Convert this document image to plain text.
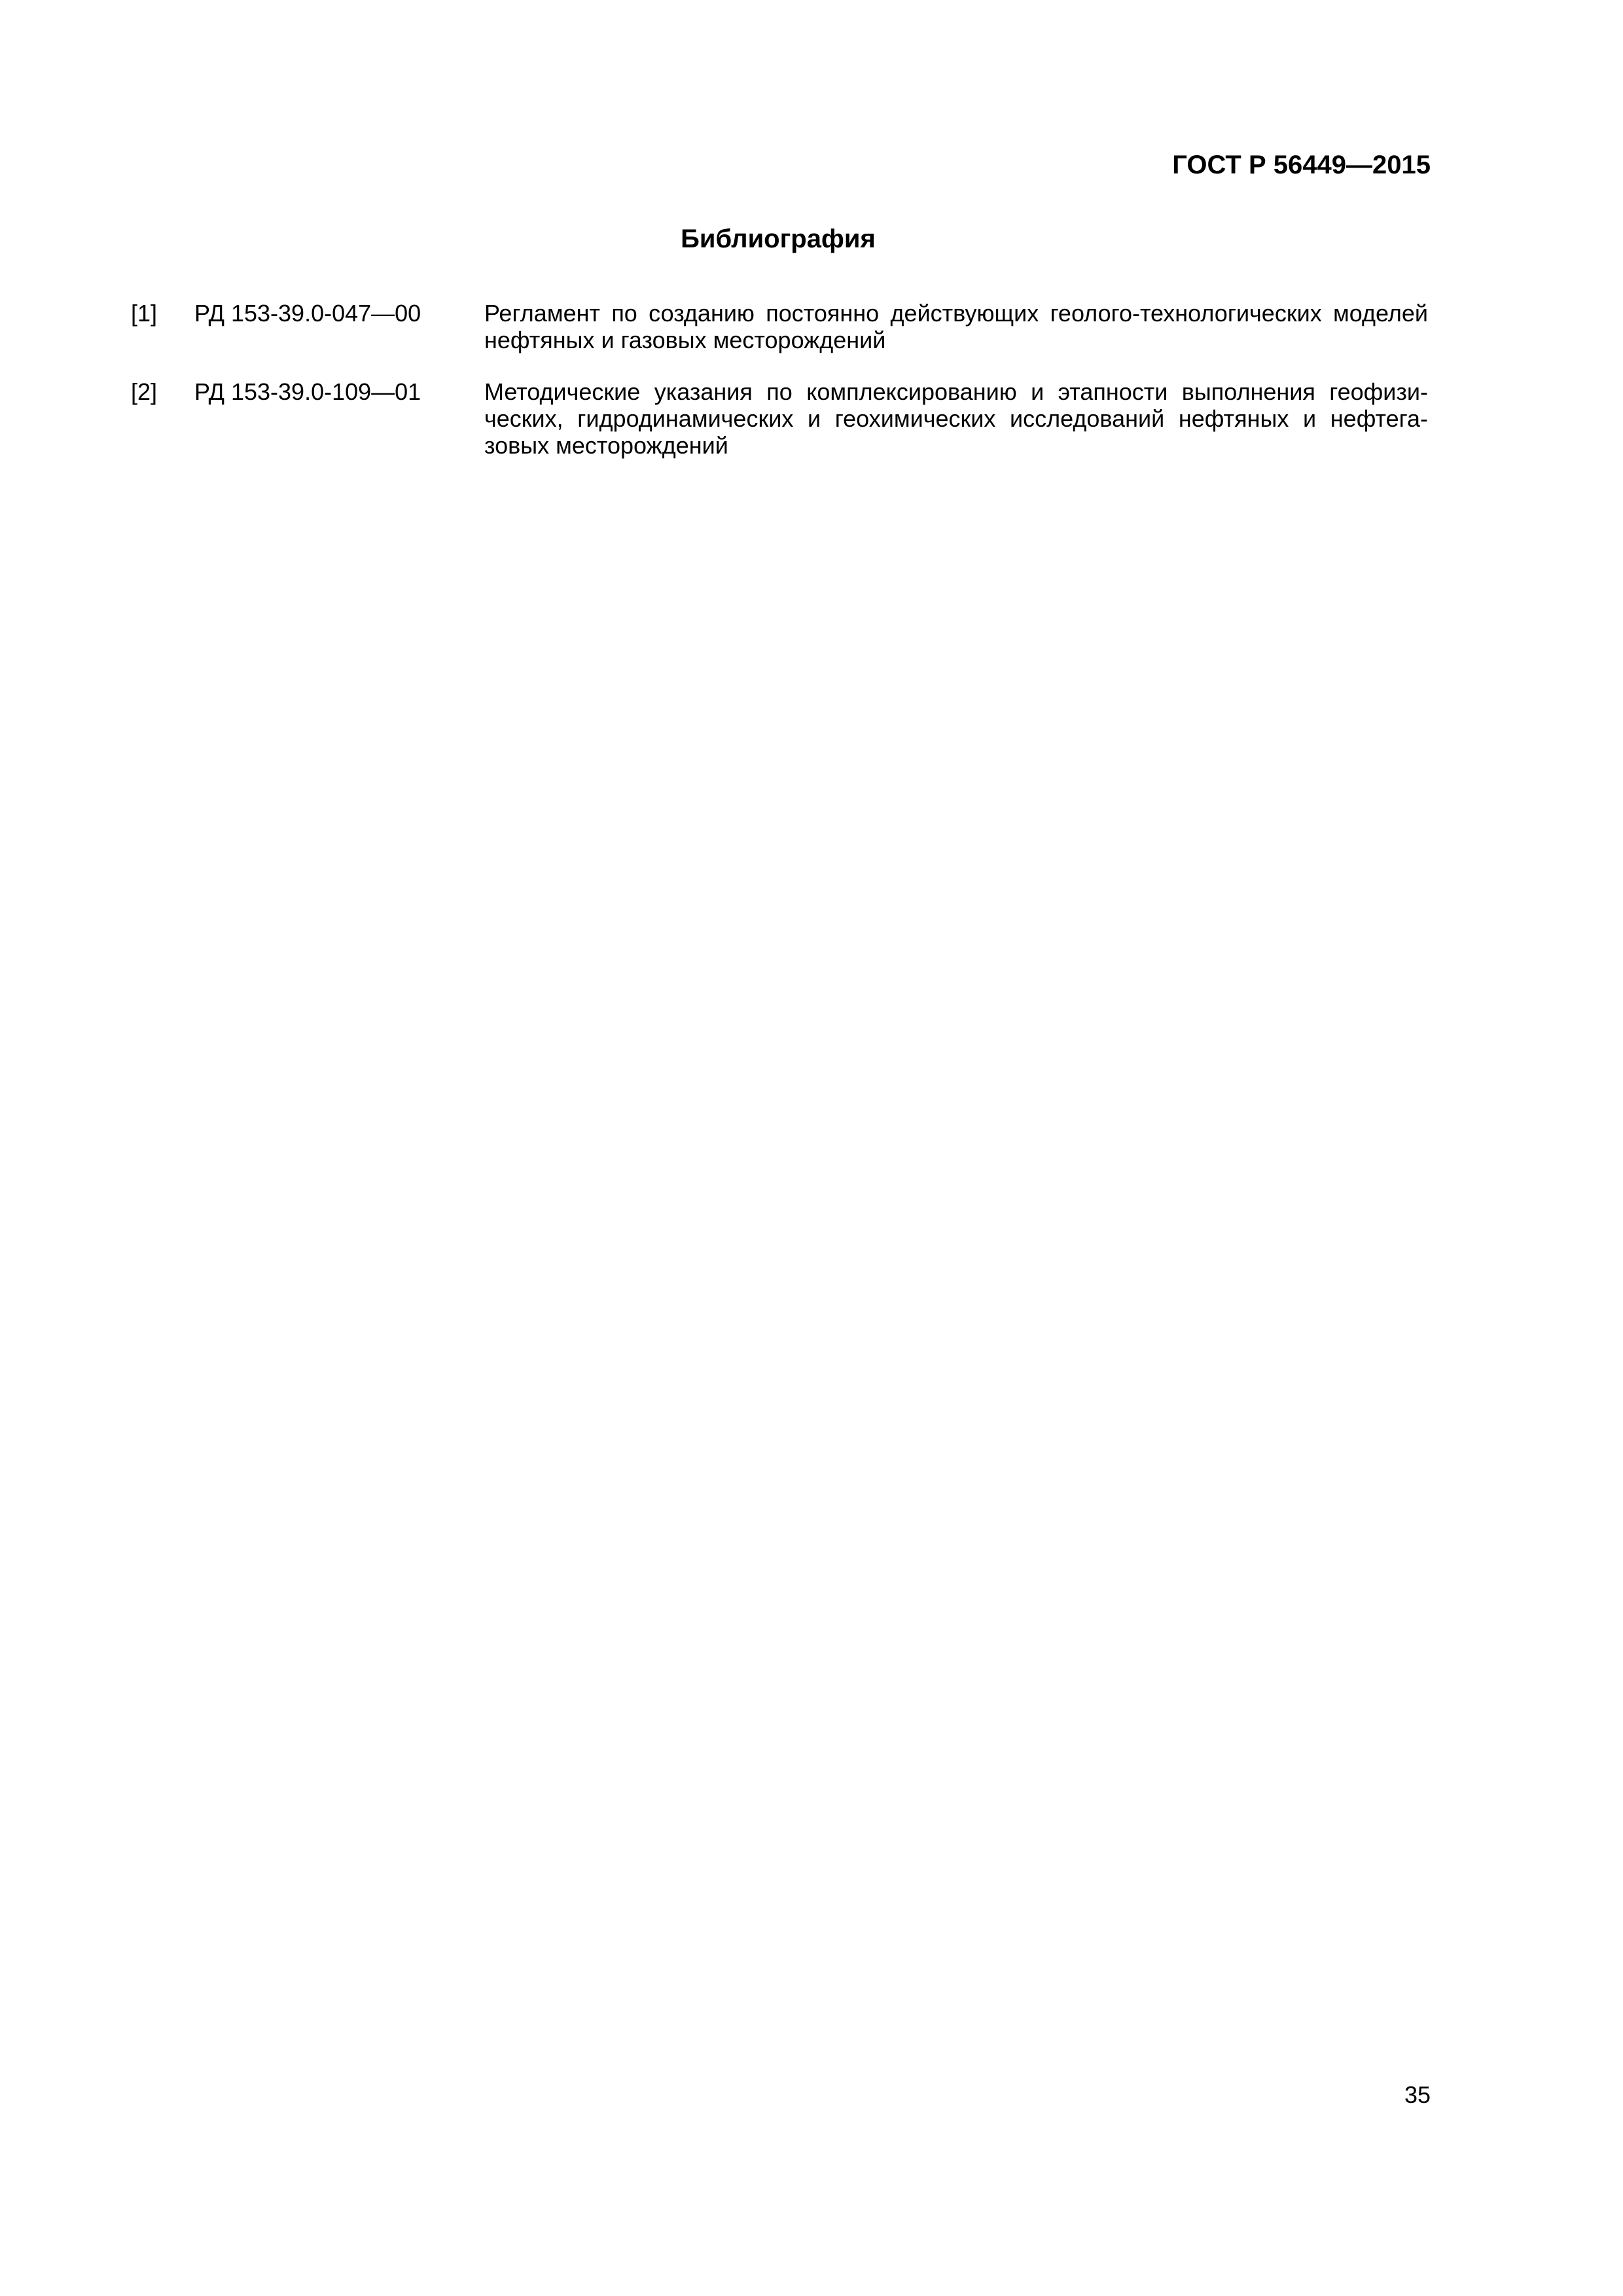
ГОСТ Р 56449—2015
Библиография
[1]	РД 153-39.0-047—00	Регламент по созданию постоянно действующих геолого-технологических моделей нефтяных и газовых месторождений
[2]	РД 153-39.0-109—01	Методические указания по комплексированию и этапности выполнения геофизических, гидродинамических и геохимических исследований нефтяных и нефтегазовых месторождений
35
